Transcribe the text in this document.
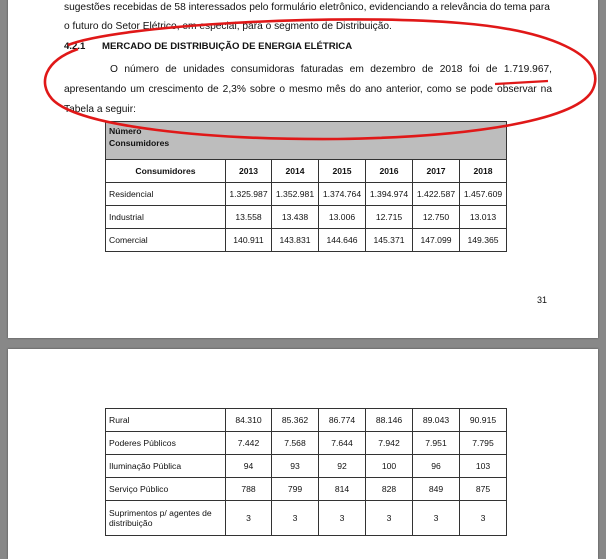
sugestões recebidas de 58 interessados pelo formulário eletrônico, evidenciando a relevância do tema para

o futuro do Setor Elétrico, em especial, para o segmento de Distribuição.

4.2.1 MERCADO DE DISTRIBUIÇÃO DE ENERGIA ELÉTRICA

O número de unidades consumidoras faturadas em dezembro de 2018 foi de 1.719.967, apresentando um crescimento de 2,3% sobre o mesmo mês do ano anterior, como se pode observar na Tabela a seguir:

Número
Consumidores						
Consumidores	2013	2014	2015	2016	2017	2018
Residencial	1.325.987	1.352.981	1.374.764	1.394.974	1.422.587	1.457.609
Industrial	13.558	13.438	13.006	12.715	12.750	13.013
Comercial	140.911	143.831	144.646	145.371	147.099	149.365
31
Rural	84.310	85.362	86.774	88.146	89.043	90.915
Poderes Públicos	7.442	7.568	7.644	7.942	7.951	7.795
Iluminação Pública	94	93	92	100	96	103
Serviço Público	788	799	814	828	849	875
Suprimentos p/ agentes de distribuição	3	3	3	3	3	3
